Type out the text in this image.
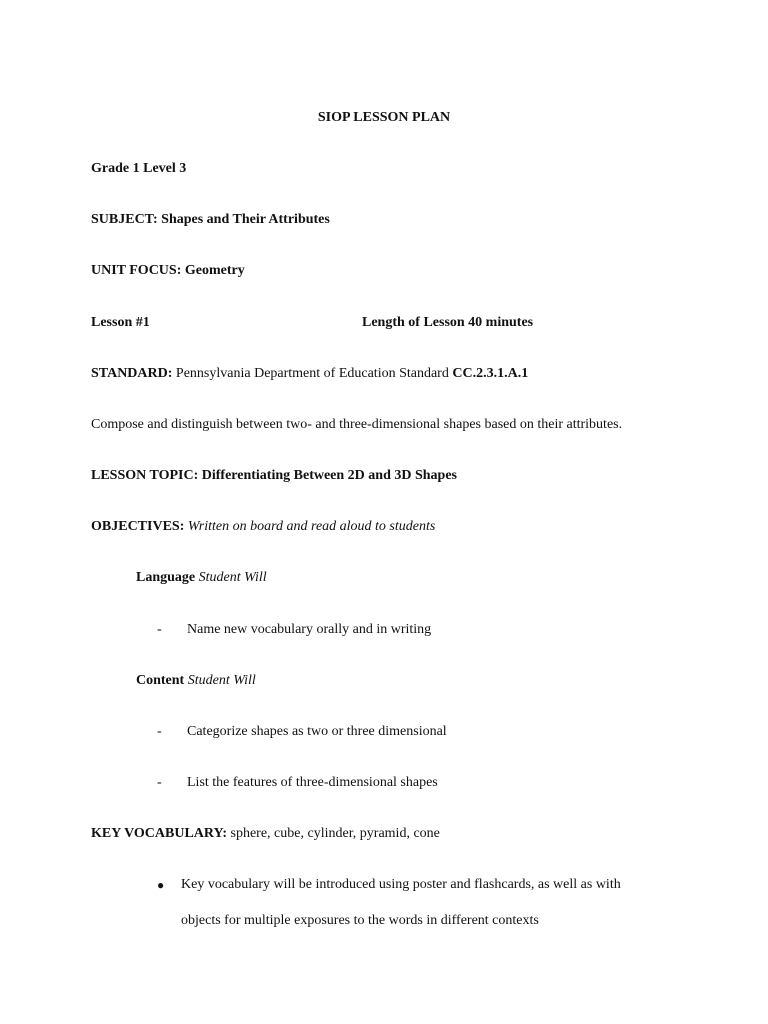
SIOP LESSON PLAN
Grade 1 Level 3
SUBJECT: Shapes and Their Attributes
UNIT FOCUS: Geometry
Lesson #1	Length of Lesson 40 minutes
STANDARD: Pennsylvania Department of Education Standard CC.2.3.1.A.1
Compose and distinguish between two- and three-dimensional shapes based on their attributes.
LESSON TOPIC: Differentiating Between 2D and 3D Shapes
OBJECTIVES: Written on board and read aloud to students
Language Student Will
- Name new vocabulary orally and in writing
Content Student Will
- Categorize shapes as two or three dimensional
- List the features of three-dimensional shapes
KEY VOCABULARY: sphere, cube, cylinder, pyramid, cone
● Key vocabulary will be introduced using poster and flashcards, as well as with
objects for multiple exposures to the words in different contexts
